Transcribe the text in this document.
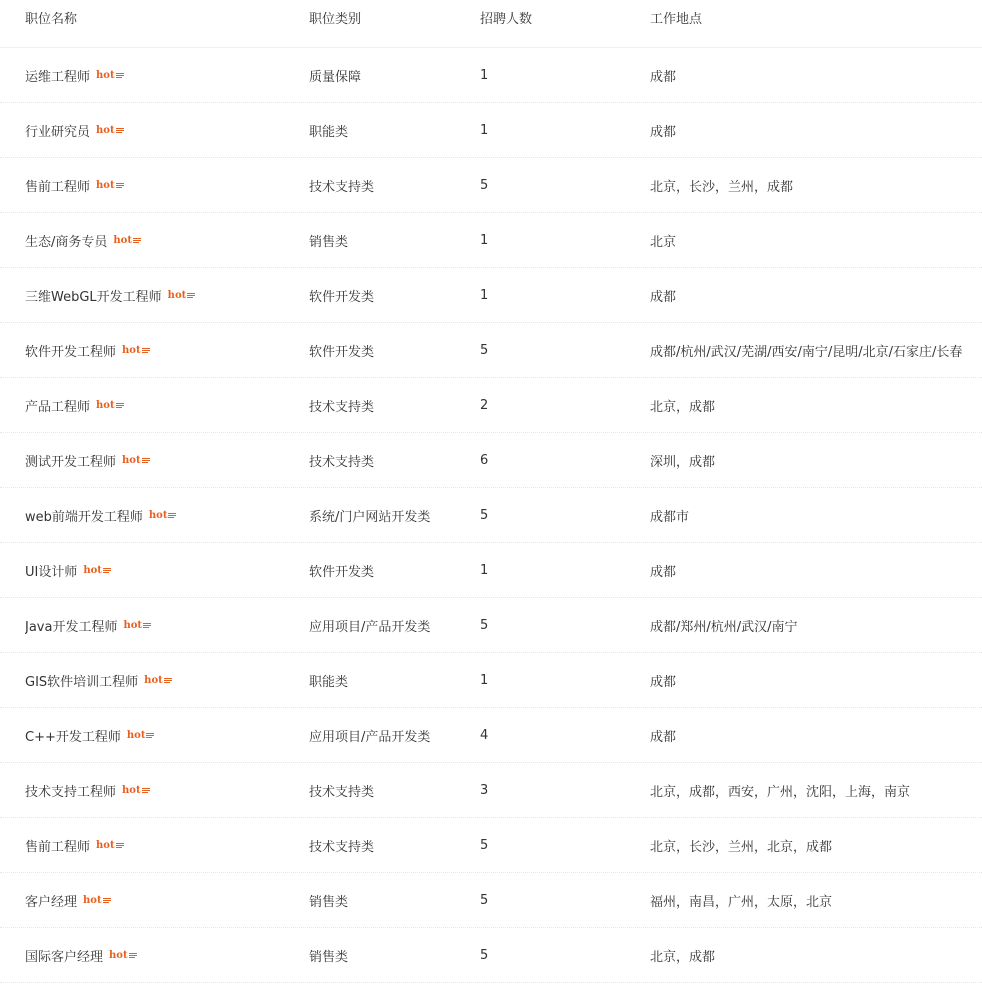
职位名称	职位类别	招聘人数	工作地点
运维工程师 hot	质量保障	1	成都
行业研究员 hot	职能类	1	成都
售前工程师 hot	技术支持类	5	北京，长沙，兰州，成都
生态/商务专员 hot	销售类	1	北京
三维WebGL开发工程师 hot	软件开发类	1	成都
软件开发工程师 hot	软件开发类	5	成都/杭州/武汉/芜湖/西安/南宁/昆明/北京/石家庄/长春
产品工程师 hot	技术支持类	2	北京，成都
测试开发工程师 hot	技术支持类	6	深圳，成都
web前端开发工程师 hot	系统/门户网站开发类	5	成都市
UI设计师 hot	软件开发类	1	成都
Java开发工程师 hot	应用项目/产品开发类	5	成都/郑州/杭州/武汉/南宁
GIS软件培训工程师 hot	职能类	1	成都
C++开发工程师 hot	应用项目/产品开发类	4	成都
技术支持工程师 hot	技术支持类	3	北京，成都，西安，广州，沈阳，上海，南京
售前工程师 hot	技术支持类	5	北京，长沙，兰州，北京，成都
客户经理 hot	销售类	5	福州，南昌，广州，太原，北京
国际客户经理 hot	销售类	5	北京，成都
